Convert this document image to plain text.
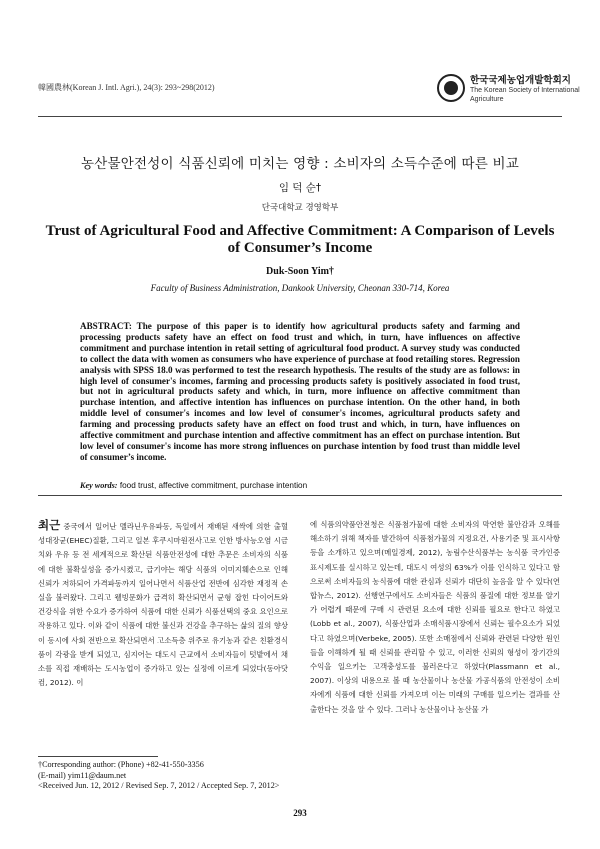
韓國農林(Korean J. Intl. Agri.), 24(3): 293~298(2012)
한국국제농업개발학회지
The Korean Society of International Agriculture
농산물안전성이 식품신뢰에 미치는 영향 : 소비자의 소득수준에 따른 비교
임 덕 순†
단국대학교 경영학부
Trust of Agricultural Food and Affective Commitment: A Comparison of Levels of Consumer’s Income
Duk-Soon Yim†
Faculty of Business Administration, Dankook University, Cheonan 330-714, Korea
ABSTRACT: The purpose of this paper is to identify how agricultural products safety and farming and processing products safety have an effect on food trust and which, in turn, have influences on affective commitment and purchase intention in retail setting of agricultural food product. A survey study was conducted to collect the data with women as consumers who have experience of purchase at food retailing stores. Regression analysis with SPSS 18.0 was performed to test the research hypothesis. The results of the study are as follows: in high level of consumer's incomes, farming and processing products safety is positively associated in food trust, but not in agricultural products safety and which, in turn, more influence on affective commitment than purchase intention, and affective intention has influences on purchase intention. On the other hand, in both middle level of consumer's incomes and low level of consumer's incomes, agricultural products safety and farming and processing products safety have an effect on food trust and which, in turn, have influences on affective commitment and purchase intention and affective commitment has an effect on purchase intention. But low level of consumer's income has more strong influences on purchase intention by food trust than middle level of consumer’s income.
Key words: food trust, affective commitment, purchase intention
최근 중국에서 일어난 멜라닌우유파동, 독일에서 재배된 새싹에 의한 출혈성대장균(EHEC)질환, 그리고 일본 후쿠시마원전사고로 인한 방사능오염 시금치와 우유 등 전 세계적으로 확산된 식품안전성에 대한 추문은 소비자의 식품에 대한 불확실성을 증가시켰고, 급기야는 해당 식품의 이미지훼손으로 인해 신뢰가 저하되어 가격파동까지 일어나면서 식품산업 전반에 심각한 재정적 손실을 불러왔다. 그리고 웰빙문화가 급격히 확산되면서 균형 잡힌 다이어트와 건강식을 위한 수요가 증가하여 식품에 대한 신뢰가 식품선택의 중요 요인으로 작용하고 있다. 이와 같이 식품에 대한 불신과 건강을 추구하는 삶의 질의 향상이 동시에 사회 전반으로 확산되면서 고소득층 위주로 유기농과 같은 친환경식품이 각광을 받게 되었고, 심지어는 대도시 근교에서 소비자들이 텃밭에서 채소를 직접 재배하는 도시농업이 증가하고 있는 실정에 이르게 되었다(동아닷컴, 2012). 이
에 식품의약품안전청은 식품첨가물에 대한 소비자의 막연한 불안감과 오해를 해소하기 위해 책자를 발간하여 식품첨가물의 지정요건, 사용기준 및 표시사항 등을 소개하고 있으며(메일경제, 2012), 농림수산식품부는 농식품 국가인증표시제도를 실시하고 있는데, 대도시 여성의 63%가 이를 인식하고 있다고 함으로써 소비자들의 농식품에 대한 관심과 신뢰가 대단히 높음을 알 수 있다(연합뉴스, 2012). 선행연구에서도 소비자들은 식품의 품질에 대한 정보를 알기가 어렵게 때문에 구매 시 관련된 요소에 대한 신뢰를 필요로 한다고 하였고(Lobb et al., 2007), 식품산업과 소매식품시장에서 신뢰는 필수요소가 되었다고 하였으며(Verbeke, 2005). 또한 소매점에서 신뢰와 관련된 다양한 원인들을 이해하게 될 때 신뢰를 관리할 수 있고, 이러한 신뢰의 형성이 장기간의 수익을 일으키는 고객충성도를 불러온다고 하였다(Plassmann et al., 2007). 이상의 내용으로 볼 때 농산물이나 농산물 가공식품의 안전성이 소비자에게 식품에 대한 신뢰를 가져오며 이는 미래의 구매를 일으키는 결과를 산출한다는 것을 알 수 있다. 그러나 농산물이나 농산물 가
†Corresponding author: (Phone) +82-41-550-3356
(E-mail) yim11@daum.net
<Received Jun. 12, 2012 / Revised Sep. 7, 2012 / Accepted Sep. 7, 2012>
293
